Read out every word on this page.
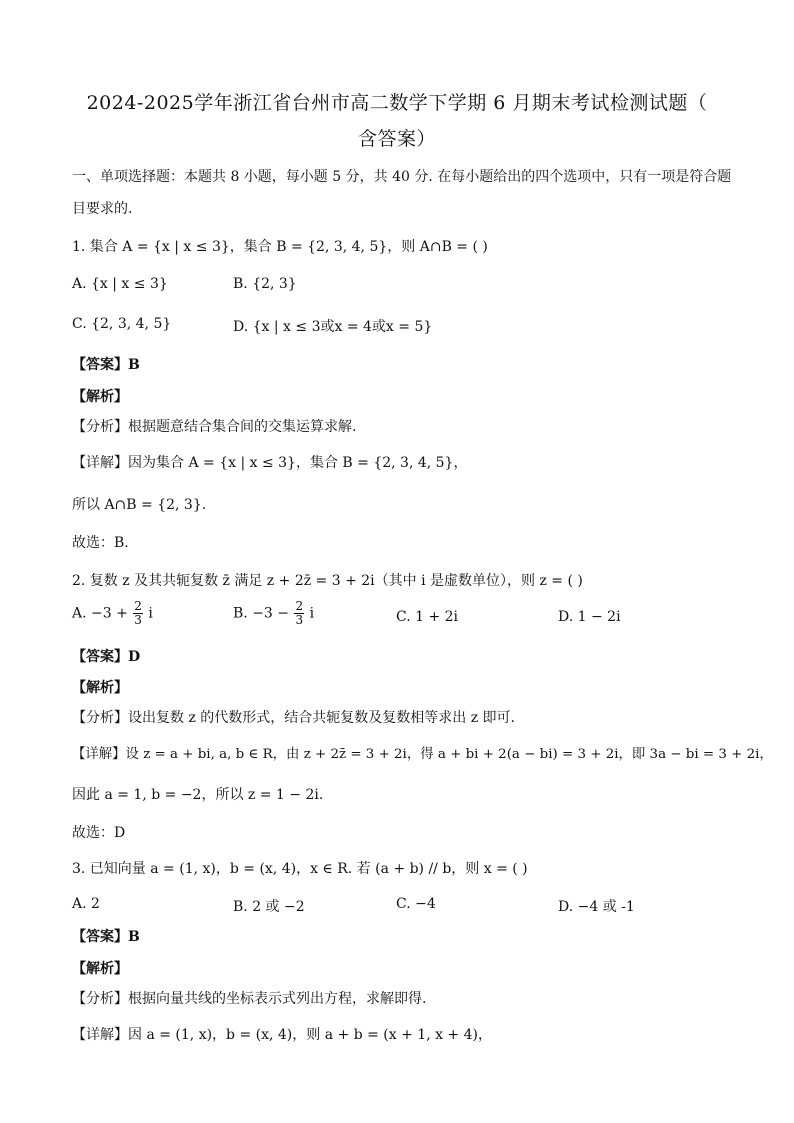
2024-2025学年浙江省台州市高二数学下学期 6 月期末考试检测试题（
含答案）
一、单项选择题：本题共 8 小题，每小题 5 分，共 40 分. 在每小题给出的四个选项中，只有一项是符合题
目要求的.
1. 集合 A = {x | x ≤ 3}，集合 B = {2, 3, 4, 5}，则 A∩B = ( )
A. {x | x ≤ 3}	B. {2, 3}
C. {2, 3, 4, 5}	D. {x | x ≤ 3或x = 4或x = 5}
【答案】B
【解析】
【分析】根据题意结合集合间的交集运算求解.
【详解】因为集合 A = {x | x ≤ 3}，集合 B = {2, 3, 4, 5}，
所以 A∩B = {2, 3}.
故选：B.
2. 复数 z 及其共轭复数 z̄ 满足 z + 2z̄ = 3 + 2i（其中 i 是虚数单位），则 z = ( )
A. $-3 + \frac{2}{3}$ i	B. $-3 - \frac{2}{3}$ i	C. 1 + 2i	D. 1 − 2i
【答案】D
【解析】
【分析】设出复数 z 的代数形式，结合共轭复数及复数相等求出 z 即可.
【详解】设 z = a + bi, a, b ∈ R，由 z + 2z̄ = 3 + 2i，得 a + bi + 2(a − bi) = 3 + 2i，即 3a − bi = 3 + 2i，
因此 a = 1, b = −2，所以 z = 1 − 2i.
故选：D
3. 已知向量 a = (1, x)，b = (x, 4)，x ∈ R. 若 (a + b) // b，则 x = ( )
A. 2	B. 2 或 −2	C. −4	D. −4 或 -1
【答案】B
【解析】
【分析】根据向量共线的坐标表示式列出方程，求解即得.
【详解】因 a = (1, x)，b = (x, 4)，则 a + b = (x + 1, x + 4)，
